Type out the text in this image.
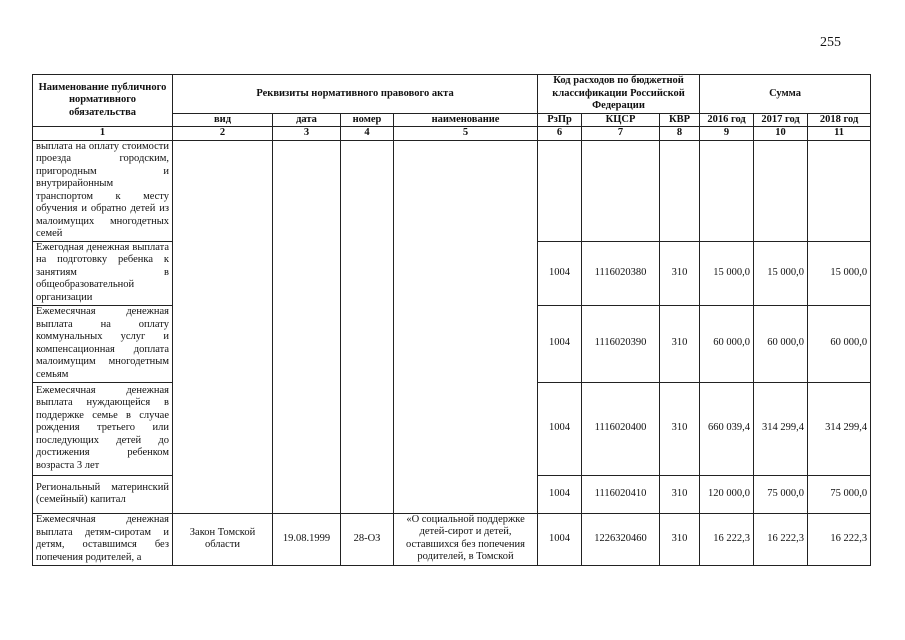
255
Наименование публичного нормативного обязательства	Реквизиты нормативного правового акта				Код расходов по бюджетной классификации Российской Федерации			Сумма		
	вид	дата	номер	наименование	РзПр	КЦСР	КВР	2016 год	2017 год	2018 год
1	2	3	4	5	6	7	8	9	10	11
выплата на оплату стоимости проезда городским, пригородным и внутрирайонным транспортом к месту обучения и обратно детей из малоимущих многодетных семей										
Ежегодная денежная выплата на подготовку ребенка к занятиям в общеобразовательной организации					1004	1116020380	310	15 000,0	15 000,0	15 000,0
Ежемесячная денежная выплата на оплату коммунальных услуг и компенсационная доплата малоимущим многодетным семьям					1004	1116020390	310	60 000,0	60 000,0	60 000,0
Ежемесячная денежная выплата нуждающейся в поддержке семье в случае рождения третьего или последующих детей до достижения ребенком возраста 3 лет					1004	1116020400	310	660 039,4	314 299,4	314 299,4
Региональный материнский (семейный) капитал					1004	1116020410	310	120 000,0	75 000,0	75 000,0
Ежемесячная денежная выплата детям-сиротам и детям, оставшимся без попечения родителей, а	Закон Томской области	19.08.1999	28-ОЗ	«О социальной поддержке детей-сирот и детей, оставшихся без попечения родителей, в Томской	1004	1226320460	310	16 222,3	16 222,3	16 222,3
